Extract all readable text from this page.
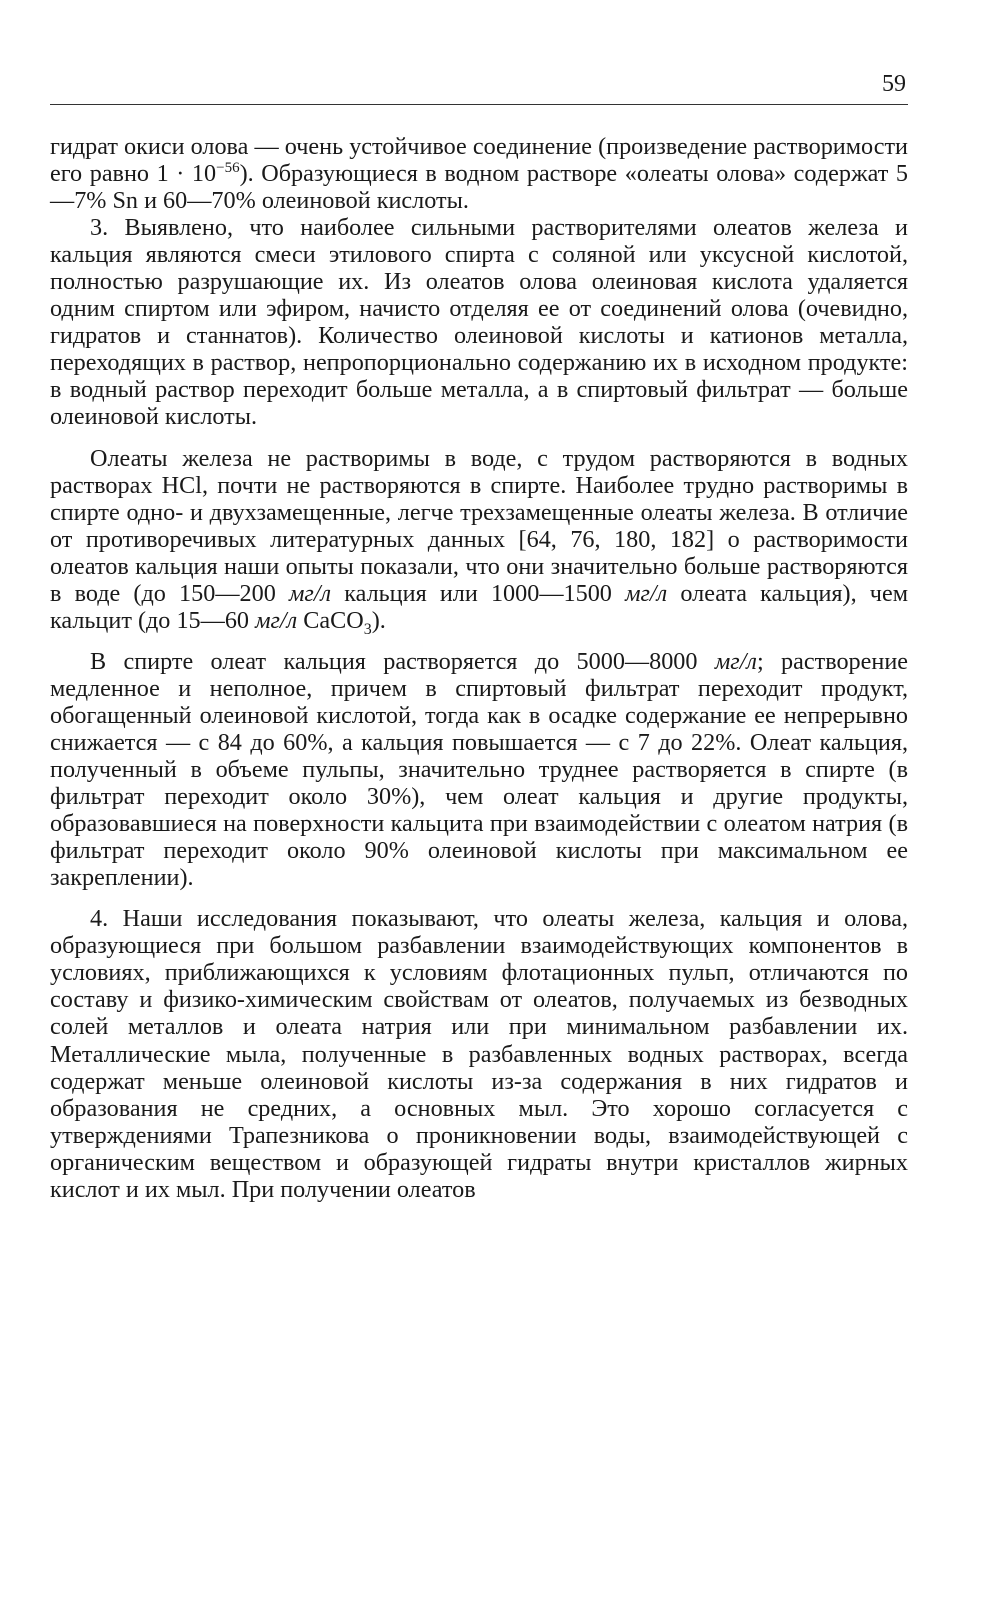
59

гидрат окиси олова — очень устойчивое соединение (произведение растворимости его равно $1 \cdot 10^{-56}$). Образующиеся в водном растворе «олеаты олова» содержат 5—7% Sn и 60—70% олеиновой кислоты.

3. Выявлено, что наиболее сильными растворителями олеатов железа и кальция являются смеси этилового спирта с соляной или уксусной кислотой, полностью разрушающие их. Из олеатов олова олеиновая кислота удаляется одним спиртом или эфиром, начисто отделяя ее от соединений олова (очевидно, гидратов и станнатов). Количество олеиновой кислоты и катионов металла, переходящих в раствор, непропорционально содержанию их в исходном продукте: в водный раствор переходит больше металла, а в спиртовый фильтрат — больше олеиновой кислоты.

Олеаты железа не растворимы в воде, с трудом растворяются в водных растворах HCl, почти не растворяются в спирте. Наиболее трудно растворимы в спирте одно- и двухзамещенные, легче трехзамещенные олеаты железа. В отличие от противоречивых литературных данных [64, 76, 180, 182] о растворимости олеатов кальция наши опыты показали, что они значительно больше растворяются в воде (до 150—200 мг/л кальция или 1000—1500 мг/л олеата кальция), чем кальцит (до 15—60 мг/л CaCO$_3$).

В спирте олеат кальция растворяется до 5000—8000 мг/л; растворение медленное и неполное, причем в спиртовый фильтрат переходит продукт, обогащенный олеиновой кислотой, тогда как в осадке содержание ее непрерывно снижается — с 84 до 60%, а кальция повышается — с 7 до 22%. Олеат кальция, полученный в объеме пульпы, значительно труднее растворяется в спирте (в фильтрат переходит около 30%), чем олеат кальция и другие продукты, образовавшиеся на поверхности кальцита при взаимодействии с олеатом натрия (в фильтрат переходит около 90% олеиновой кислоты при максимальном ее закреплении).

4. Наши исследования показывают, что олеаты железа, кальция и олова, образующиеся при большом разбавлении взаимодействующих компонентов в условиях, приближающихся к условиям флотационных пульп, отличаются по составу и физико-химическим свойствам от олеатов, получаемых из безводных солей металлов и олеата натрия или при минимальном разбавлении их. Металлические мыла, полученные в разбавленных водных растворах, всегда содержат меньше олеиновой кислоты из-за содержания в них гидратов и образования не средних, а основных мыл. Это хорошо согласуется с утверждениями Трапезникова о проникновении воды, взаимодействующей с органическим веществом и образующей гидраты внутри кристаллов жирных кислот и их мыл. При получении олеатов
